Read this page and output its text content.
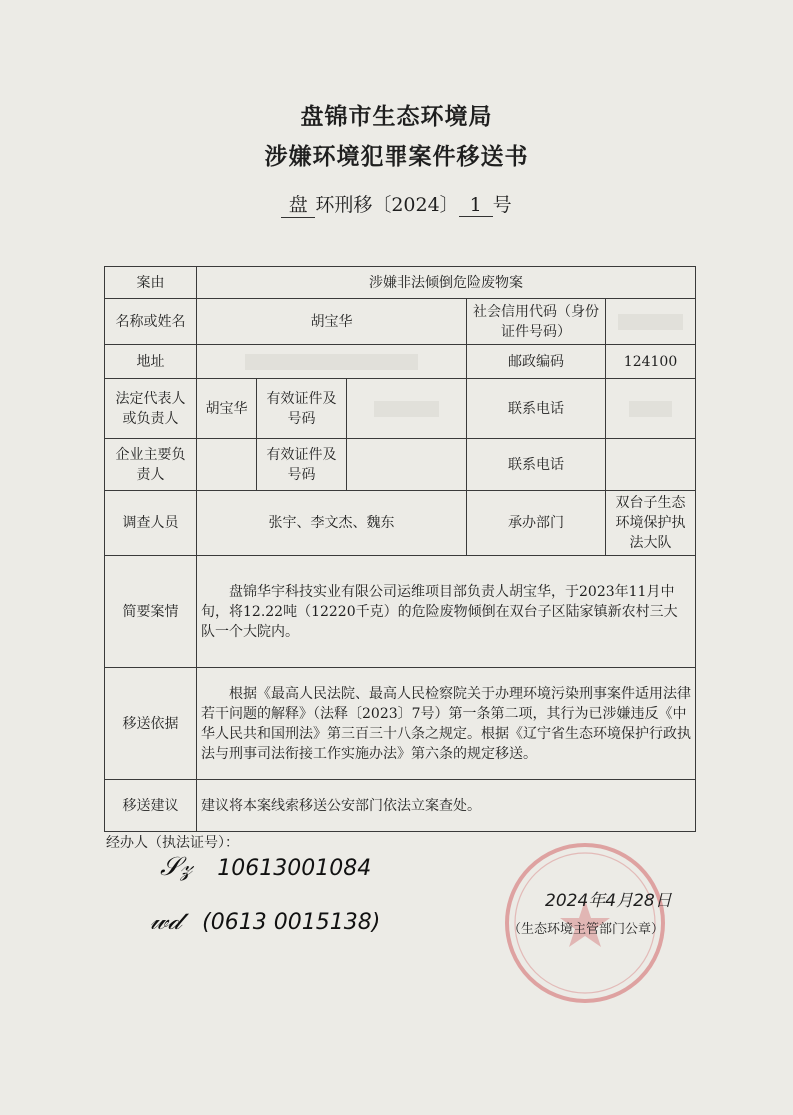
盘锦市生态环境局
涉嫌环境犯罪案件移送书
盘 环刑移〔2024〕 1 号
案由	涉嫌非法倾倒危险废物案				
名称或姓名	胡宝华			社会信用代码（身份证件号码）	
地址				邮政编码	124100
法定代表人或负责人	胡宝华	有效证件及号码		联系电话	
企业主要负责人		有效证件及号码		联系电话	
调查人员	张宇、李文杰、魏东			承办部门	双台子生态环境保护执法大队
简要案情	盘锦华宇科技实业有限公司运维项目部负责人胡宝华，于2023年11月中旬，将12.22吨（12220千克）的危险废物倾倒在双台子区陆家镇新农村三大队一个大院内。				
移送依据	根据《最高人民法院、最高人民检察院关于办理环境污染刑事案件适用法律若干问题的解释》（法释〔2023〕7号）第一条第二项，其行为已涉嫌违反《中华人民共和国刑法》第三百三十八条之规定。根据《辽宁省生态环境保护行政执法与刑事司法衔接工作实施办法》第六条的规定移送。				
移送建议	建议将本案线索移送公安部门依法立案查处。				
经办人（执法证号）：
𝒮𝓏 10613001084
𝓌𝒹 (0613 0015138)
2024年4月28日
（生态环境主管部门公章）
